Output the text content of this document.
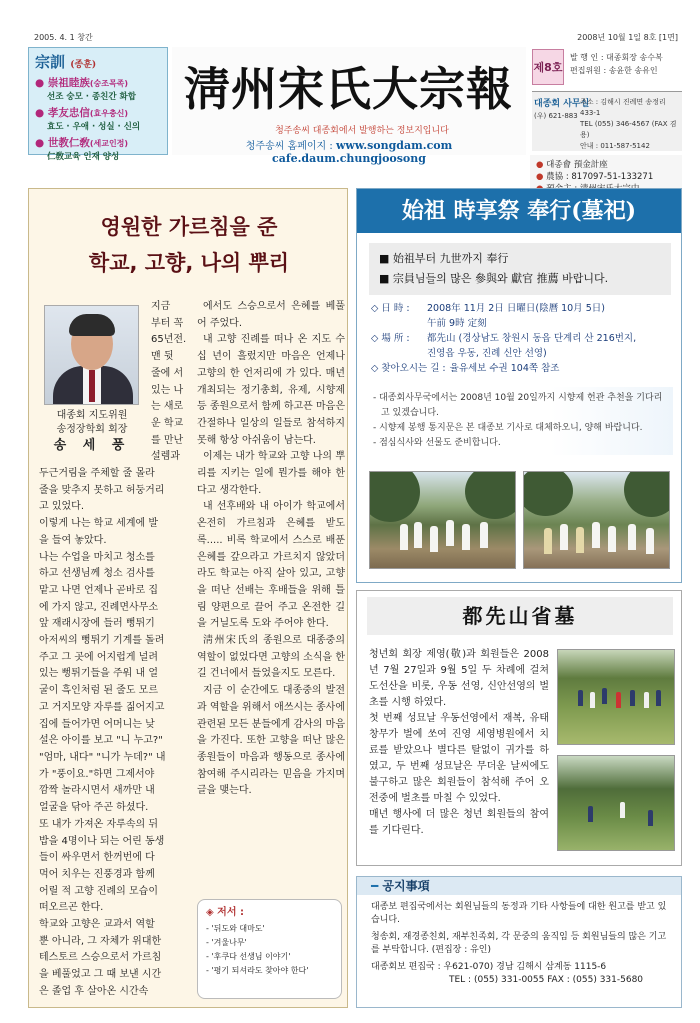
2005. 4. 1 창간	2008년 10월 1일 8호 [1면]
宗訓 (종훈)
● 崇祖睦族(숭조목족)
선조 숭모 · 종친간 화합
● 孝友忠信(효우충신)
효도 · 우애 · 성실 · 신의
● 世教仁敎(세교인정)
仁敎교육 인재 양성
淸州宋氏大宗報
청주송씨 대종회에서 발행하는 정보지입니다
청주송씨 홈페이지 : www.songdam.com cafe.daum.chungjoosong
제8호
발 행 인 : 대종회장 송수복
편집위원 : 송윤한 송유인
대종회 사무실
(우) 621-883
주소 : 김해시 진례면 송정리 433-1
TEL (055) 346-4567 (FAX 겸용)
안내 : 011-587-5142
● 대종會 預金計座
● 農協 : 817097-51-133271
영원한 가르침을 준
학교, 고향, 나의 뿌리
대종회 지도위원
송정장학회 회장
송 세 풍
지금
부터 꼭
65년전.
맨 뒷
줄에 서
있는 나
는 새로
운 학교
를 만난
설렘과
두근거림을 주체할 줄 몰라
줄을 맞추지 못하고 허둥거리
고 있었다.
이렇게 나는 학교 세계에 발
을 들여 놓았다.
나는 수업을 마치고 청소를
하고 선생님께 청소 검사를
맡고 나면 언제나 곧바로 집
에 가지 않고, 진례면사무소
앞 재래시장에 들러 뻥튀기
아저씨의 뻥튀기 기계를 돌려
주고 그 곳에 어지럽게 널려
있는 뻥튀기들을 주워 내 얼
굴이 흑인처럼 된 줄도 모르
고 거지모양 자루를 짊어지고
집에 들어가면 어머니는 낮
설은 아이를 보고 "니 누고?"
"엄마, 내다" "니가 누데?" 내
가 "풍이요."하면 그제서야
깜짝 놀라시면서 새까만 내
얼굴을 닦아 주곤 하셨다.
또 내가 가져온 자루속의 뒤
밥을 4명이나 되는 어린 동생
들이 싸우면서 한꺼번에 다
먹어 치우는 진풍경과 함께
어릴 적 고향 진례의 모습이
떠오르곤 한다.
학교와 고향은 교과서 역할
뿐 아니라, 그 자체가 위대한
테스토르 스승으로서 가르침
을 베풀었고 그 때 보낸 시간
은 졸업 후 살아온 시간속
에서도 스승으로서 은혜를 베풀어 주었다.
내 고향 진례를 떠나 온 지도 수 십 년이 흘렀지만 마음은 언제나 고향의 한 언저리에 가 있다. 매년 개최되는 정기총회, 유제, 시향제 등 종원으로서 함께 하고픈 마음은 간절하나 일상의 일들로 참석하지 못해 항상 아쉬움이 남는다.
이제는 내가 학교와 고향 나의 뿌리를 지키는 일에 뭔가를 해야 한다고 생각한다.
내 선후배와 내 아이가 학교에서 온전히 가르침과 은혜를 받도록..... 비록 학교에서 스스로 배푼 은혜를 갚으라고 가르치지 않았더라도 학교는 아직 살아 있고, 고향을 떠난 선배는 후배들을 위해 틀림 양편으로 끌어 주고 온전한 길을 거닐도록 도와 주어야 한다.
淸州宋氏의 종원으로 대종중의 역할이 없었다면 고향의 소식을 한 길 건너에서 들었을지도 모른다.
지금 이 순간에도 대종중의 발전과 역할을 위해서 애쓰시는 종사에 관련된 모든 분들에게 감사의 마음을 가진다. 또한 고향을 떠난 많은 종원들이 마음과 행동으로 종사에 참여해 주시리라는 믿음을 가지며 글을 맺는다.
◈ 저서 :
- '뒤도와 대마도'
- '겨울나무'
- '후쿠다 선생님 이야기'
- '평기 되셔라도 찾아야 한다'
始祖 時享祭 奉行(墓祀)
■ 始祖부터 九世까지 奉行
■ 宗員님들의 많은 參與와 獻官 推薦 바랍니다.
◇ 日 時 :	2008年 11月 2日 日曜日(陰曆 10月 5日)
午前 9時 定刻
◇ 場 所 :	都先山 (경상남도 창원시 동읍 단계리 산 216번지,
진영읍 우동, 진례 신안 선영)
◇ 찾아오시는 길 : 율유세보 수권 104쪽 참조
- 대종회사무국에서는 2008년 10월 20일까지 시향제 헌관 추천을 기다리고 있겠습니다.
- 시향제 봉행 통지문은 본 대종보 기사로 대체하오니, 양해 바랍니다.
- 점심식사와 선물도 준비합니다.
都先山省墓
청년회 회장 제영(敬)과 회원들은 2008년 7월 27일과 9월 5일 두 차례에 걸쳐 도선산을 비롯, 우동 선영, 신안선영의 벌초를 시행 하였다.
첫 번째 성묘날 우동선영에서 재복, 유태 창무가 벌에 쏘여 진영 세영병원에서 치료를 받았으나 별다른 탈없이 귀가를 하였고, 두 번째 성묘날은 무더운 날씨에도 불구하고 많은 회원들이 참석해 주어 오전중에 벌초를 마칠 수 있었다.
매년 행사에 더 많은 청년 회원들의 참여를 기다린다.
━ 공지事項
대종보 편집국에서는 회원님들의 동정과 기타 사항들에 대한 원고를 받고 있습니다.
청송회, 재경종친회, 재부친족회, 각 문중의 움직임 등 회원님들의 많은 기고를 부탁합니다. (편집장 : 유인)
대종회보 편집국 : 우621-070) 경남 김해시 삼계동 1115-6
TEL : (055) 331-0055 FAX : (055) 331-5680
